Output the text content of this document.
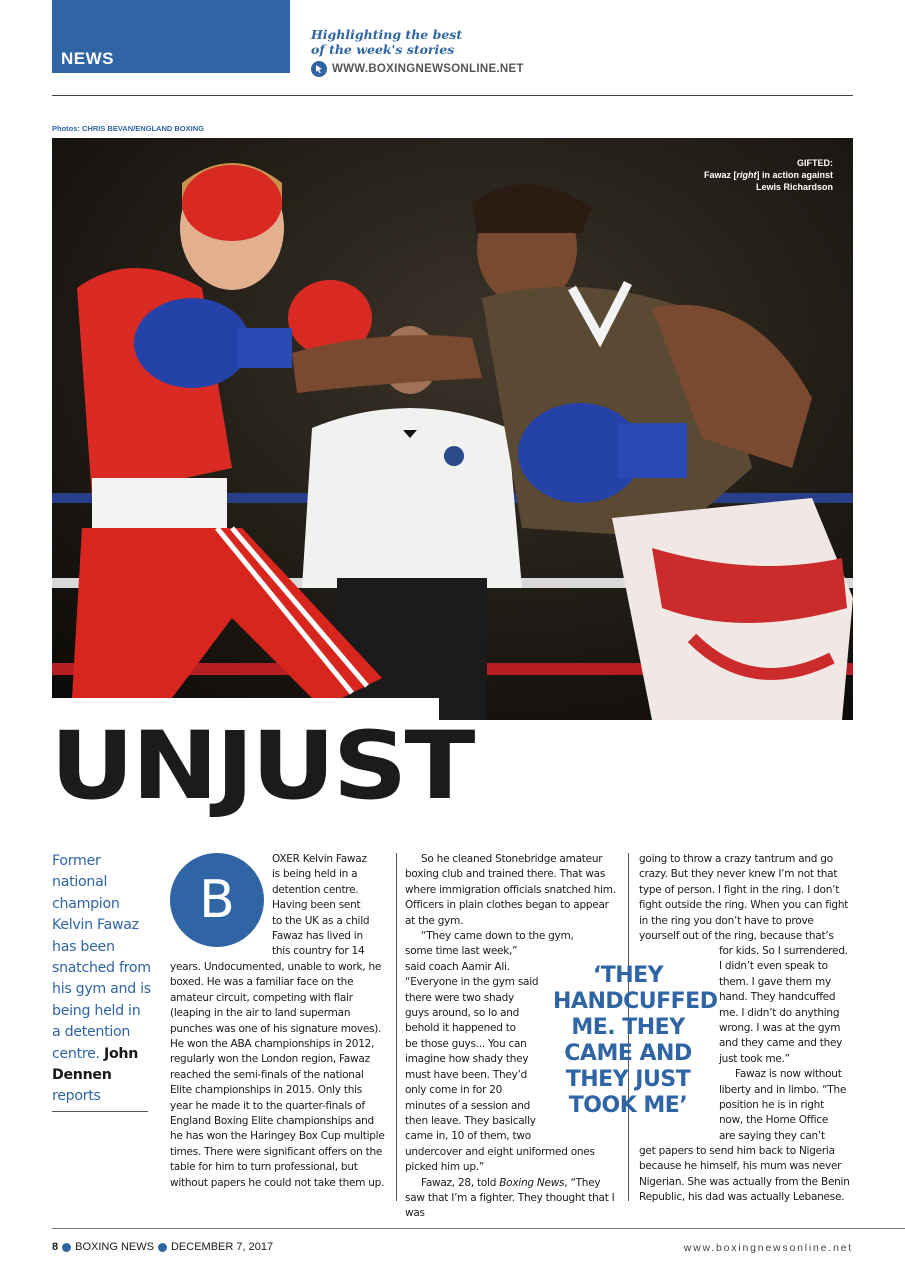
NEWS
Highlighting the best
of the week's stories
WWW.BOXINGNEWSONLINE.NET
Photos: CHRIS BEVAN/ENGLAND BOXING
GIFTED:
Fawaz [right] in action against Lewis Richardson
UNJUST
Former national champion Kelvin Fawaz has been snatched from his gym and is being held in a detention centre. John Dennen reports
B
OXER Kelvin Fawaz
is being held in a
detention centre.
Having been sent
to the UK as a child
Fawaz has lived in
this country for 14

years. Undocumented, unable to work, he boxed. He was a familiar face on the amateur circuit, competing with flair (leaping in the air to land superman punches was one of his signature moves). He won the ABA championships in 2012, regularly won the London region, Fawaz reached the semi-finals of the national Elite championships in 2015. Only this year he made it to the quarter-finals of England Boxing Elite championships and he has won the Haringey Box Cup multiple times. There were significant offers on the table for him to turn professional, but without papers he could not take them up.

So he cleaned Stonebridge amateur boxing club and trained there. That was where immigration officials snatched him. Officers in plain clothes began to appear at the gym.

“They came down to the gym,
some time last week,”
said coach Aamir Ali.
“Everyone in the gym said
there were two shady
guys around, so lo and
behold it happened to
be those guys... You can
imagine how shady they
must have been. They’d
only come in for 20
minutes of a session and
then leave. They basically
came in, 10 of them, two

undercover and eight uniformed ones picked him up.”

Fawaz, 28, told Boxing News, “They saw that I’m a fighter. They thought that I was

‘THEY
HANDCUFFED
ME. THEY
CAME AND
THEY JUST
TOOK ME’

going to throw a crazy tantrum and go crazy. But they never knew I’m not that type of person. I fight in the ring. I don’t fight outside the ring. When you can fight in the ring you don’t have to prove yourself out of the ring, because that’s

for kids. So I surrendered.
I didn’t even speak to
them. I gave them my
hand. They handcuffed
me. I didn’t do anything
wrong. I was at the gym
and they came and they
just took me.”
Fawaz is now without
liberty and in limbo. “The
position he is in right
now, the Home Office
are saying they can’t

get papers to send him back to Nigeria because he himself, his mum was never Nigerian. She was actually from the Benin Republic, his dad was actually Lebanese.

8 BOXING NEWS DECEMBER 7, 2017	www.boxingnewsonline.net
